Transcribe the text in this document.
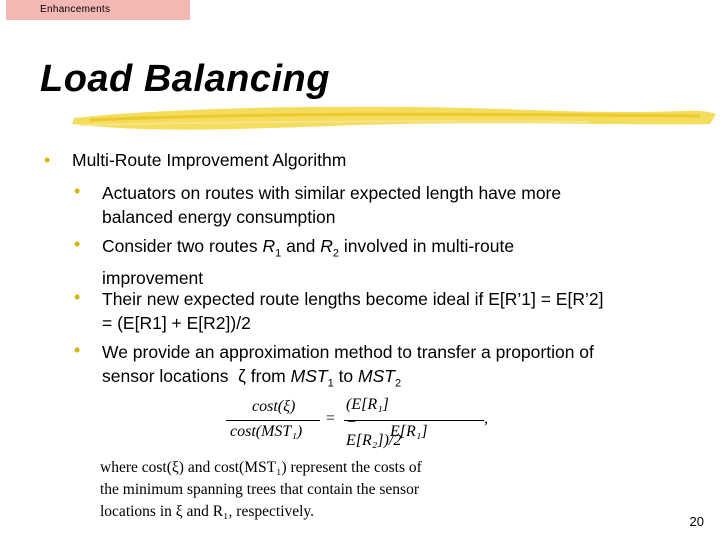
Enhancements
Load Balancing
• Multi-Route Improvement Algorithm
• Actuators on routes with similar expected length have more
balanced energy consumption
• Consider two routes $R_1$ and $R_2$ involved in multi-route
improvement
• Their new expected route lengths become ideal if E[R’1] = E[R’2]
= (E[R1] + E[R2])/2
• We provide an approximation method to transfer a proportion of
sensor locations  ζ from $MST_1$ to $MST_2$
cost(ξ)
cost(MST₁)
=
(E[R₁] − E[R₂])/2
E[R₁]
,
where cost(ξ) and cost(MST₁) represent the costs of
the minimum spanning trees that contain the sensor
locations in ξ and R₁, respectively.
20
